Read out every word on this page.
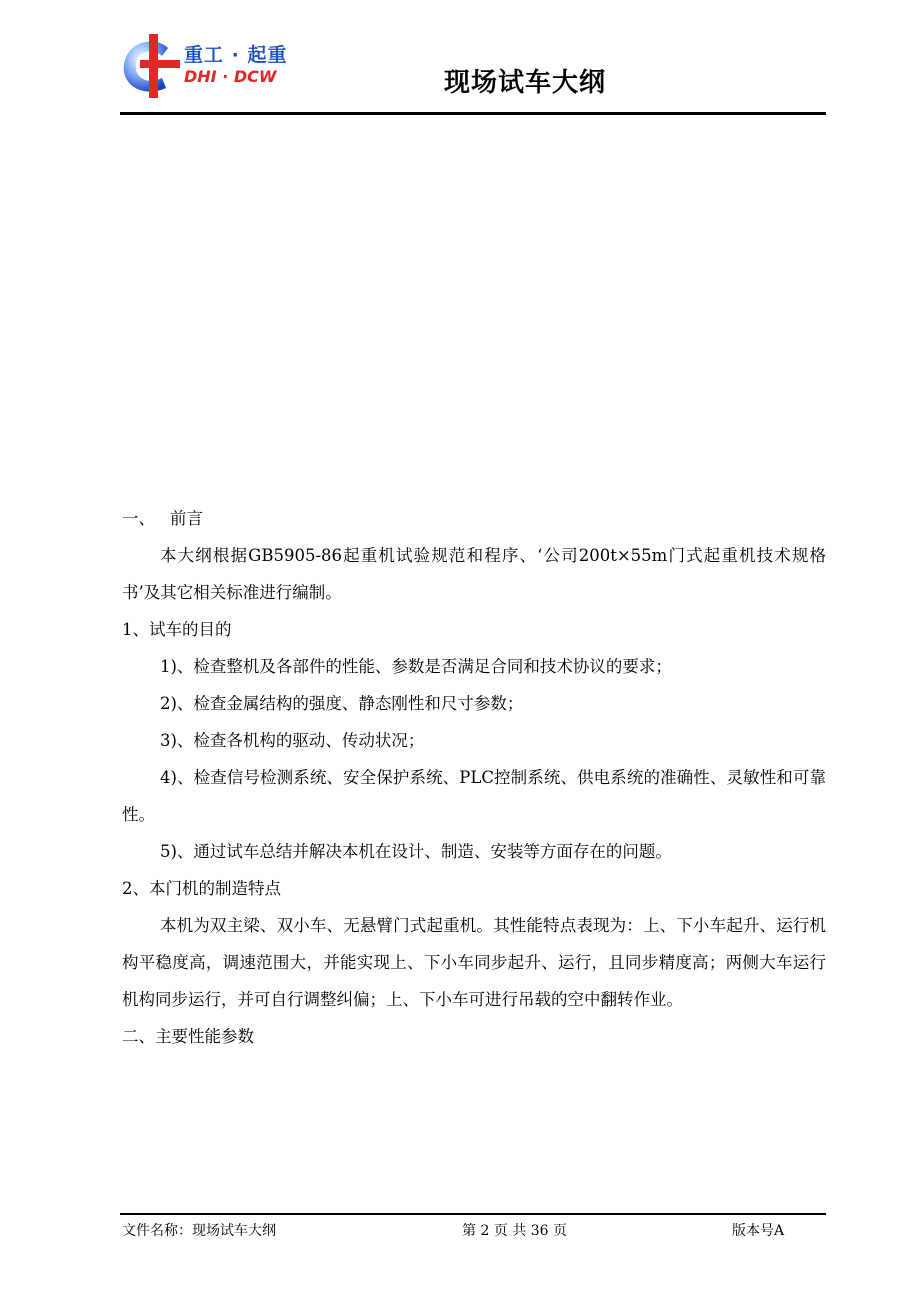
重工 · 起重
DHI · DCW	现场试车大纲

一、 前言

本大纲根据GB5905-86起重机试验规范和程序、‘公司200t×55m门式起重机技术规格书’及其它相关标准进行编制。

1、试车的目的

1)、检查整机及各部件的性能、参数是否满足合同和技术协议的要求；

2)、检查金属结构的强度、静态刚性和尺寸参数；

3)、检查各机构的驱动、传动状况；

4)、检查信号检测系统、安全保护系统、PLC控制系统、供电系统的准确性、灵敏性和可靠性。

5)、通过试车总结并解决本机在设计、制造、安装等方面存在的问题。

2、本门机的制造特点

本机为双主梁、双小车、无悬臂门式起重机。其性能特点表现为：上、下小车起升、运行机构平稳度高，调速范围大，并能实现上、下小车同步起升、运行，且同步精度高；两侧大车运行机构同步运行，并可自行调整纠偏；上、下小车可进行吊载的空中翻转作业。

二、主要性能参数

文件名称：现场试车大纲	第 2 页 共 36 页	版本号A
